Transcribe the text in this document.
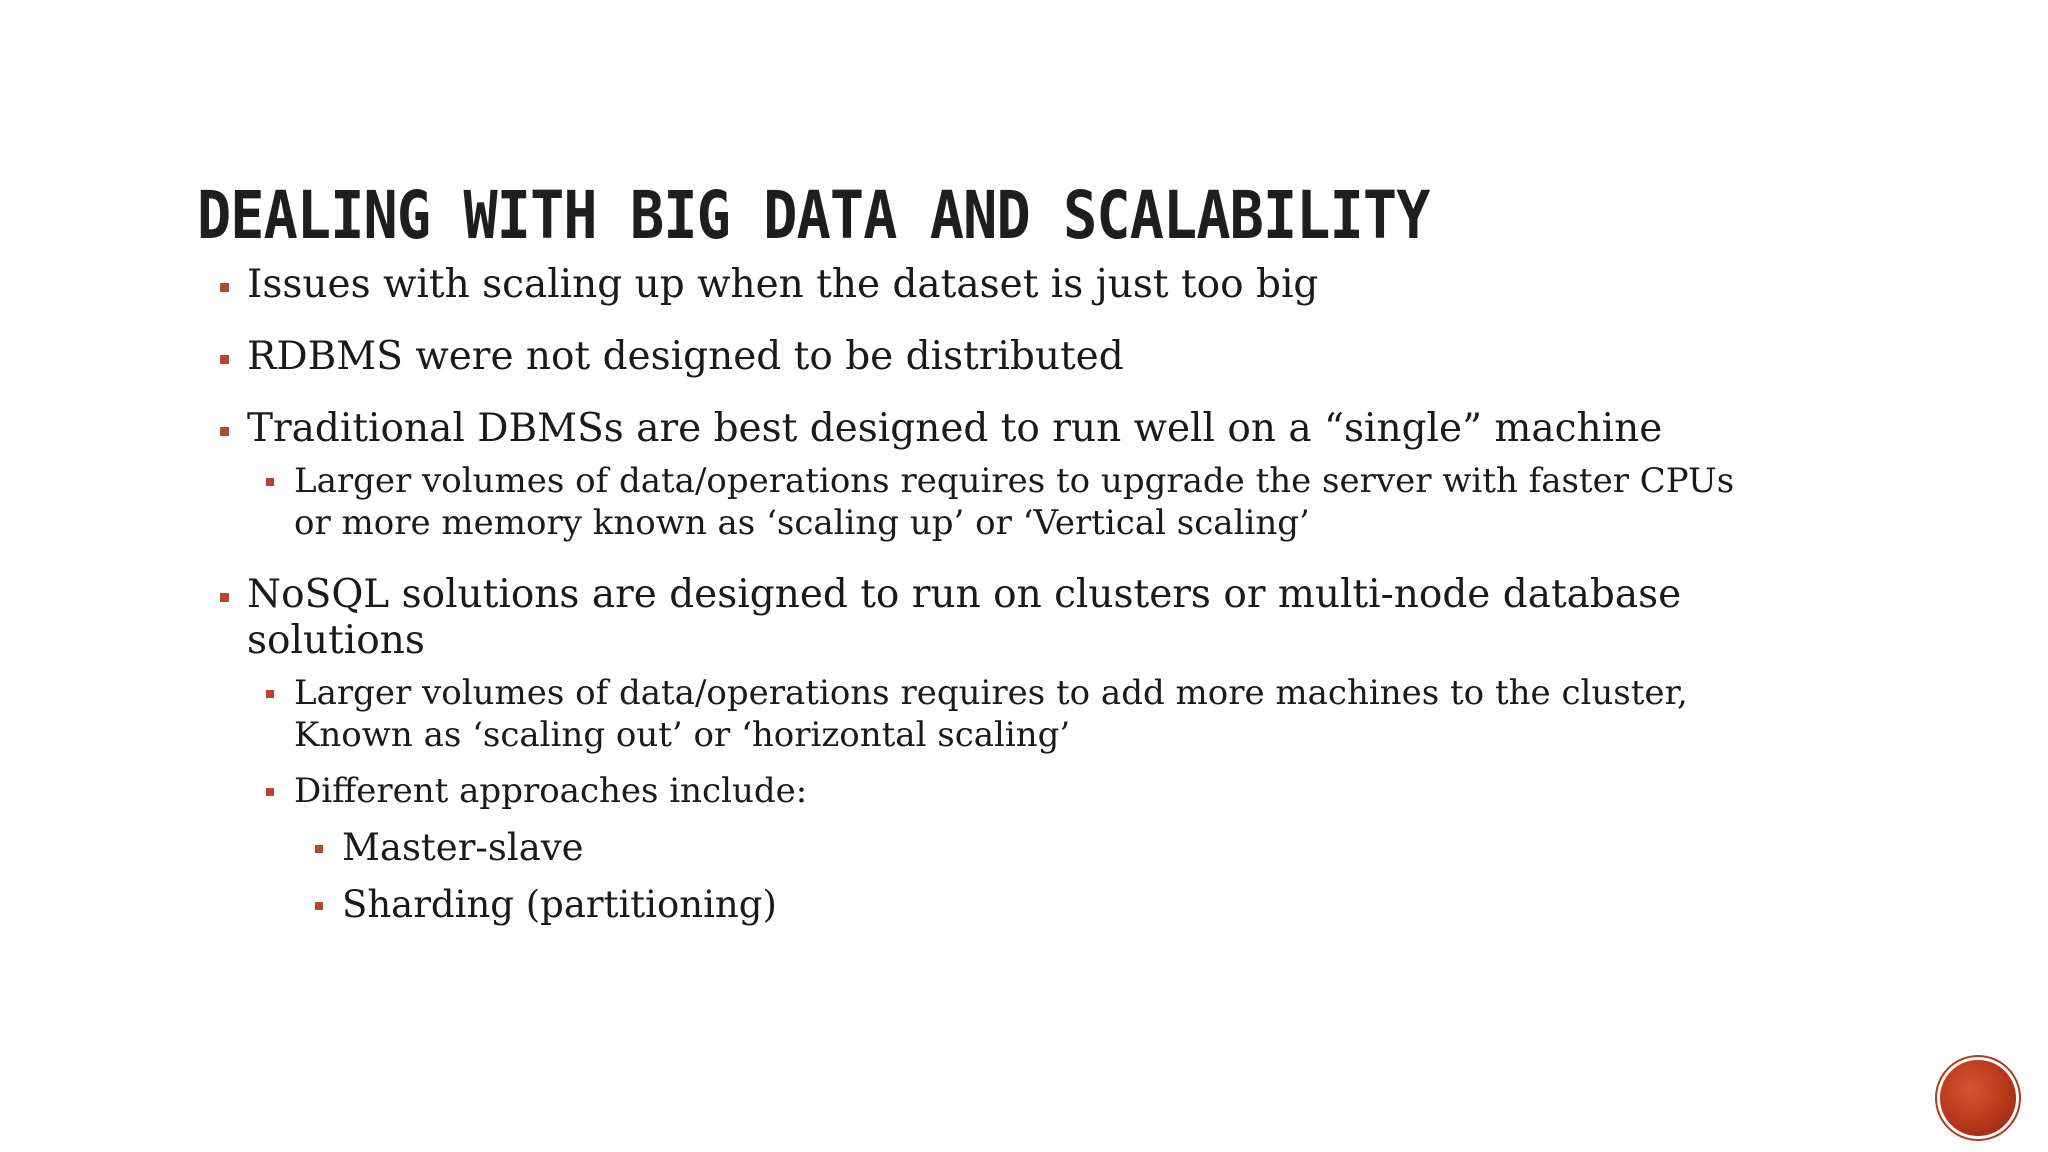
DEALING WITH BIG DATA AND SCALABILITY
Issues with scaling up when the dataset is just too big
RDBMS were not designed to be distributed
Traditional DBMSs are best designed to run well on a “single” machine
Larger volumes of data/operations requires to upgrade the server with faster CPUs or more memory known as ‘scaling up’ or ‘Vertical scaling’
NoSQL solutions are designed to run on clusters or multi-node database solutions
Larger volumes of data/operations requires to add more machines to the cluster, Known as ‘scaling out’ or ‘horizontal scaling’
Different approaches include:
Master-slave
Sharding (partitioning)
